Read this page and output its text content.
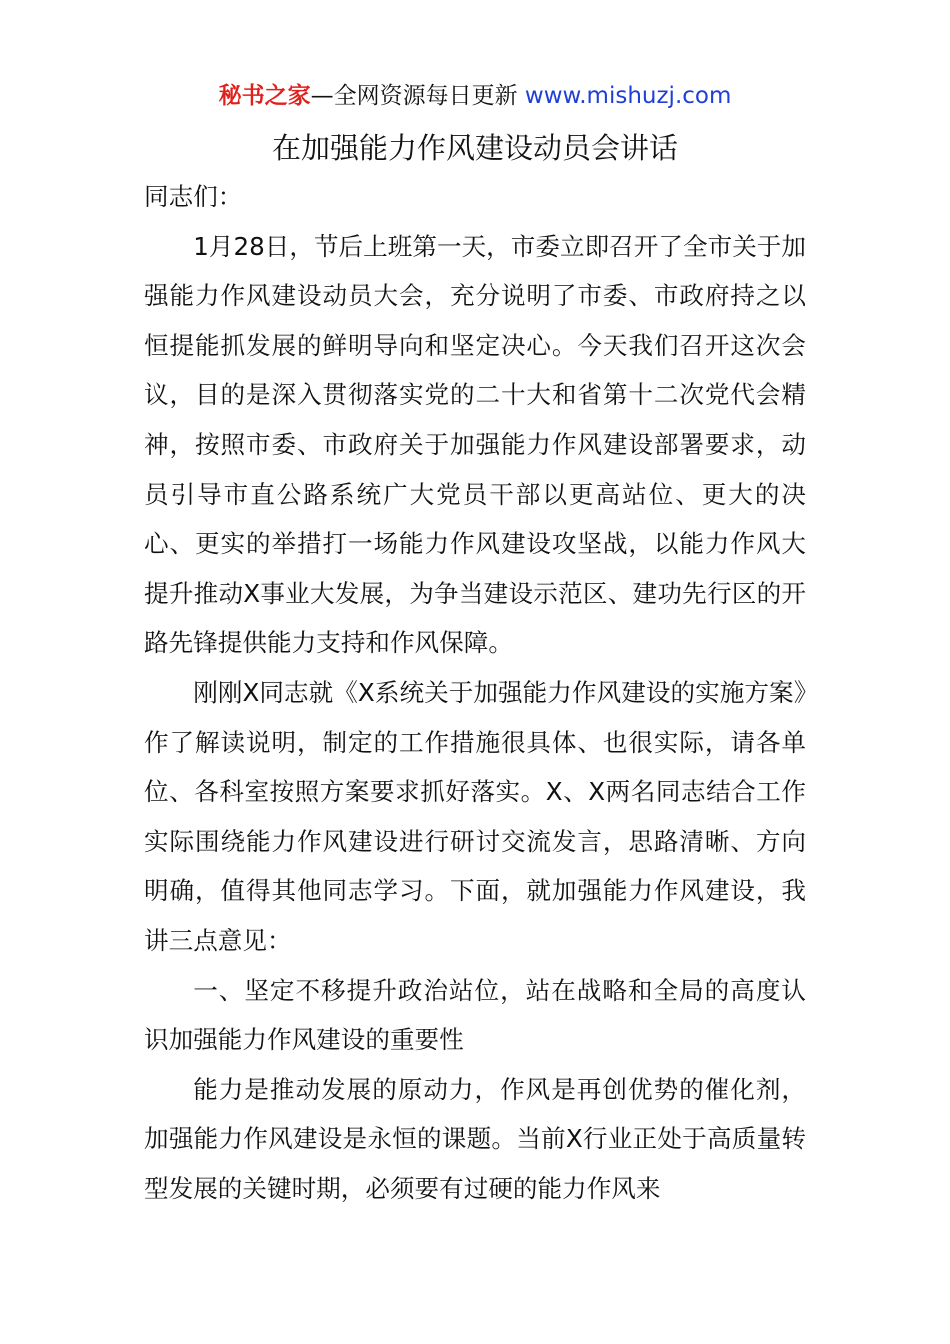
秘书之家—全网资源每日更新 www.mishuzj.com
在加强能力作风建设动员会讲话

同志们：

1月28日，节后上班第一天，市委立即召开了全市关于加强能力作风建设动员大会，充分说明了市委、市政府持之以恒提能抓发展的鲜明导向和坚定决心。今天我们召开这次会议，目的是深入贯彻落实党的二十大和省第十二次党代会精神，按照市委、市政府关于加强能力作风建设部署要求，动员引导市直公路系统广大党员干部以更高站位、更大的决心、更实的举措打一场能力作风建设攻坚战，以能力作风大提升推动X事业大发展，为争当建设示范区、建功先行区的开路先锋提供能力支持和作风保障。

刚刚X同志就《X系统关于加强能力作风建设的实施方案》作了解读说明，制定的工作措施很具体、也很实际，请各单位、各科室按照方案要求抓好落实。X、X两名同志结合工作实际围绕能力作风建设进行研讨交流发言，思路清晰、方向明确，值得其他同志学习。下面，就加强能力作风建设，我讲三点意见：

一、坚定不移提升政治站位，站在战略和全局的高度认识加强能力作风建设的重要性

能力是推动发展的原动力，作风是再创优势的催化剂，加强能力作风建设是永恒的课题。当前X行业正处于高质量转型发展的关键时期，必须要有过硬的能力作风来
